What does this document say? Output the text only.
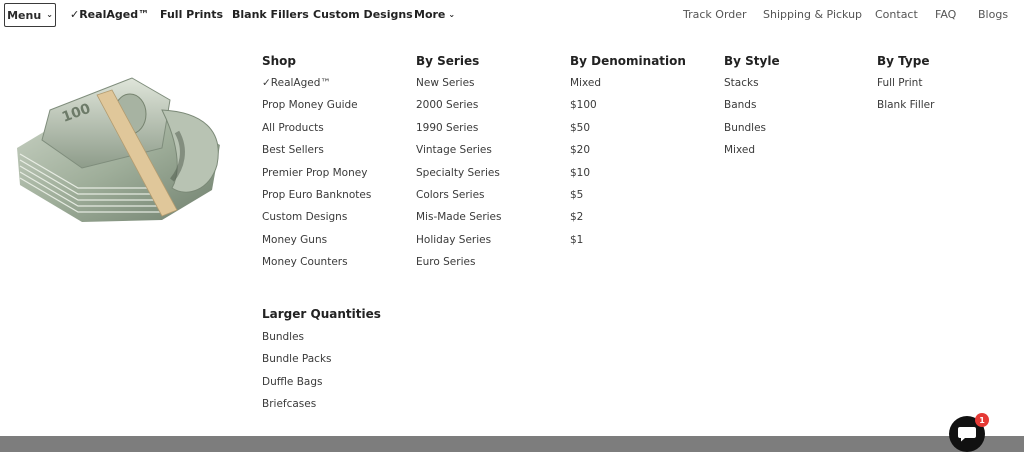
Menu ⌄ ✓RealAged™ Full Prints Blank Fillers Custom Designs More ⌄	Track Order Shipping & Pickup Contact FAQ Blogs
100
Shop
✓RealAged™
Prop Money Guide
All Products
Best Sellers
Premier Prop Money
Prop Euro Banknotes
Custom Designs
Money Guns
Money Counters
By Series
New Series
2000 Series
1990 Series
Vintage Series
Specialty Series
Colors Series
Mis-Made Series
Holiday Series
Euro Series
By Denomination
Mixed
$100
$50
$20
$10
$5
$2
$1
By Style
Stacks
Bands
Bundles
Mixed
By Type
Full Print
Blank Filler
Larger Quantities
Bundles
Bundle Packs
Duffle Bags
Briefcases
1
